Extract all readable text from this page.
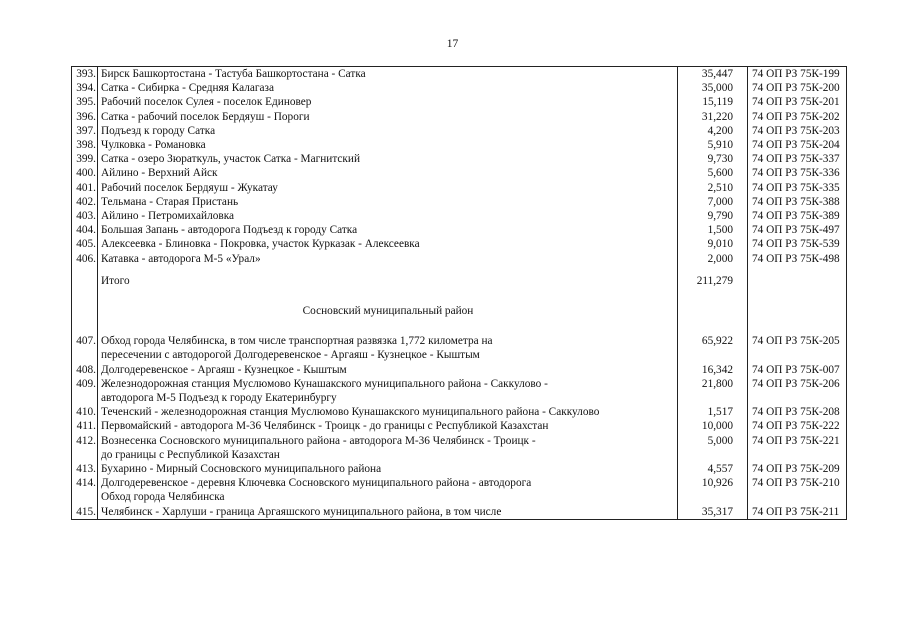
17
393.	Бирск Башкортостана - Тастуба Башкортостана - Сатка	35,447	74 ОП РЗ 75К-199
394.	Сатка - Сибирка - Средняя Калагаза	35,000	74 ОП РЗ 75К-200
395.	Рабочий поселок Сулея - поселок Единовер	15,119	74 ОП РЗ 75К-201
396.	Сатка - рабочий поселок Бердяуш - Пороги	31,220	74 ОП РЗ 75К-202
397.	Подъезд к городу Сатка	4,200	74 ОП РЗ 75К-203
398.	Чулковка - Романовка	5,910	74 ОП РЗ 75К-204
399.	Сатка - озеро Зюраткуль, участок Сатка - Магнитский	9,730	74 ОП РЗ 75К-337
400.	Айлино - Верхний Айск	5,600	74 ОП РЗ 75К-336
401.	Рабочий поселок Бердяуш - Жукатау	2,510	74 ОП РЗ 75К-335
402.	Тельмана - Старая Пристань	7,000	74 ОП РЗ 75К-388
403.	Айлино - Петромихайловка	9,790	74 ОП РЗ 75К-389
404.	Большая Запань - автодорога Подъезд к городу Сатка	1,500	74 ОП РЗ 75К-497
405.	Алексеевка - Блиновка - Покровка, участок Курказак - Алексеевка	9,010	74 ОП РЗ 75К-539
406.	Катавка - автодорога М-5 «Урал»	2,000	74 ОП РЗ 75К-498
	Итого	211,279	
	Сосновский муниципальный район		
407.	Обход города Челябинска, в том числе транспортная развязка 1,772 километра на
пересечении с автодорогой Долгодеревенское - Аргаяш - Кузнецкое - Кыштым	65,922	74 ОП РЗ 75К-205
408.	Долгодеревенское - Аргаяш - Кузнецкое - Кыштым	16,342	74 ОП РЗ 75К-007
409.	Железнодорожная станция Муслюмово Кунашакского муниципального района - Саккулово -
автодорога М-5 Подъезд к городу Екатеринбургу	21,800	74 ОП РЗ 75К-206
410.	Теченский - железнодорожная станция Муслюмово Кунашакского муниципального района - Саккулово	1,517	74 ОП РЗ 75К-208
411.	Первомайский - автодорога М-36 Челябинск - Троицк - до границы с Республикой Казахстан	10,000	74 ОП РЗ 75К-222
412.	Вознесенка Сосновского муниципального района - автодорога М-36 Челябинск - Троицк -
до границы с Республикой Казахстан	5,000	74 ОП РЗ 75К-221
413.	Бухарино - Мирный Сосновского муниципального района	4,557	74 ОП РЗ 75К-209
414.	Долгодеревенское - деревня Ключевка Сосновского муниципального района - автодорога
Обход города Челябинска	10,926	74 ОП РЗ 75К-210
415.	Челябинск - Харлуши - граница Аргаяшского муниципального района, в том числе	35,317	74 ОП РЗ 75К-211
